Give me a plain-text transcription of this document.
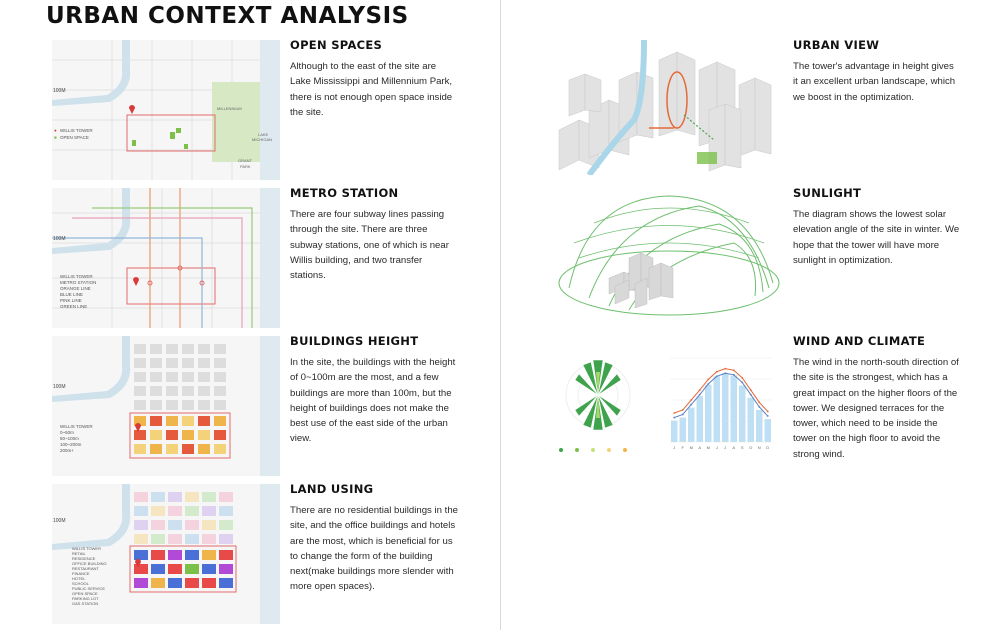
URBAN CONTEXT ANALYSIS
100M
● WILLIS TOWER
■ OPEN SPACE
MILLENNIUM
LAKE
MICHIGAN
GRANT
PARK
OPEN SPACES

Although to the east of the site are Lake Mississippi and Millennium Park, there is not enough open space inside the site.

100M
WILLIS TOWER
METRO STATION
ORANGE LINE
BLUE LINE
PINK LINE
GREEN LINE
METRO STATION

There are four subway lines passing through the site. There are three subway stations, one of which is near Willis building, and two transfer stations.

100M
WILLIS TOWER
0~50m
50~100m
100~200m
200m+
BUILDINGS HEIGHT

In the site, the buildings with the height of 0~100m are the most, and a few buildings are more than 100m, but the height of buildings does not make the best use of the east side of the urban view.

100M
WILLIS TOWER
RETAIL
RESIDENCE
OFFICE BUILDING
RESTAURANT
FINANCE
HOTEL
SCHOOL
PUBLIC SERVICE
OPEN SPACE
PARKING LOT
GAS STATION
LAND USING

There are no residential buildings in the site, and the office buildings and hotels are the most, which is beneficial for us to change the form of the building next(make buildings more slender with more open spaces).

URBAN VIEW

The tower's advantage in height gives it an excellent urban landscape, which we boost in the optimization.

SUNLIGHT

The diagram shows the lowest solar elevation angle of the site in winter. We hope that the tower will have more sunlight in optimization.

J F M A M J J A S O N D
WIND AND CLIMATE

The wind in the north-south direction of the site is the strongest, which has a great impact on the higher floors of the tower. We designed terraces for the tower, which need to be inside the tower on the high floor to avoid the strong wind.
